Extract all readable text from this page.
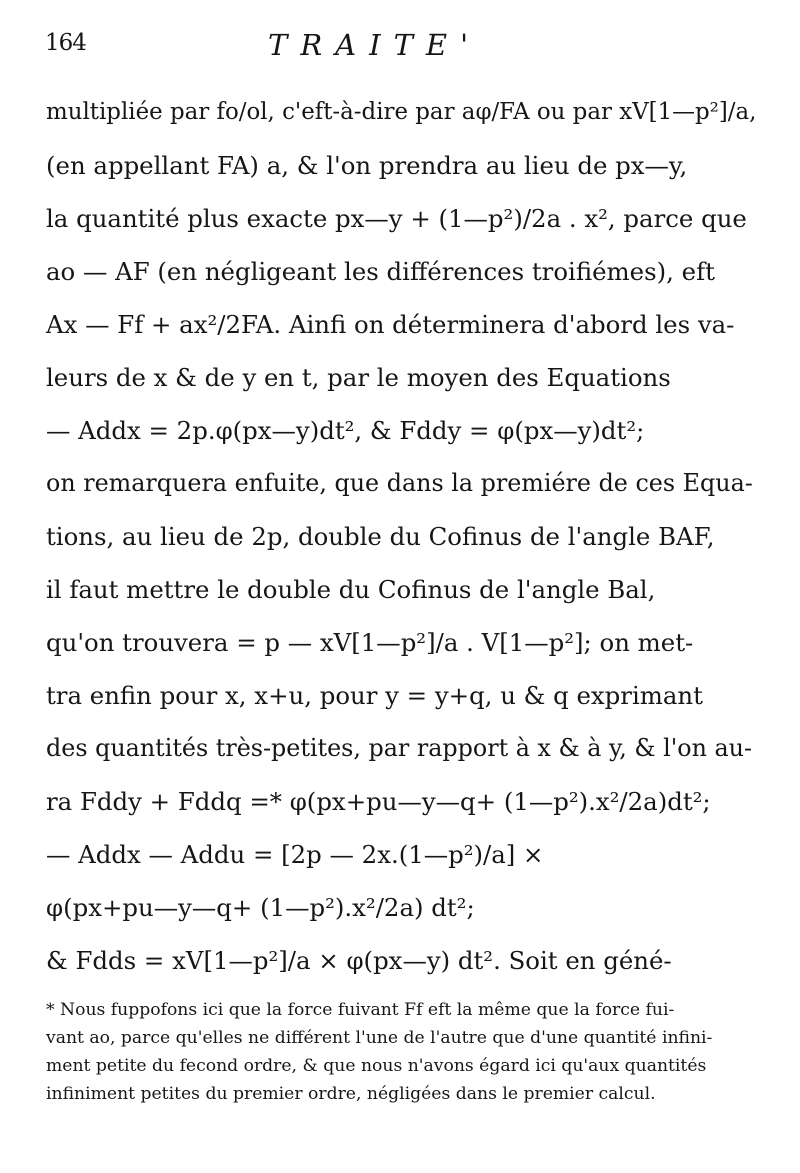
164	TRAITE'
multipliée par fo/ol, c'eft-à-dire par aφ/FA ou par xV[1—p²]/a,
(en appellant FA) a, & l'on prendra au lieu de px—y,
la quantité plus exacte px—y + (1—p²)/2a . x², parce que
ao — AF (en négligeant les différences troifiémes), eft
Ax — Ff + ax²/2FA. Ainfi on déterminera d'abord les va-
leurs de x & de y en t, par le moyen des Equations
— Addx = 2p.φ(px—y)dt², & Fddy = φ(px—y)dt²;
on remarquera enfuite, que dans la premiére de ces Equa-
tions, au lieu de 2p, double du Cofinus de l'angle BAF,
il faut mettre le double du Cofinus de l'angle Bal,
qu'on trouvera = p — xV[1—p²]/a . V[1—p²]; on met-
tra enfin pour x, x+u, pour y = y+q, u & q exprimant
des quantités très-petites, par rapport à x & à y, & l'on au-
ra Fddy + Fddq =* φ(px+pu—y—q+ (1—p²).x²/2a)dt²;
— Addx — Addu = [2p — 2x.(1—p²)/a] ×
φ(px+pu—y—q+ (1—p²).x²/2a) dt²;
& Fdds = xV[1—p²]/a × φ(px—y) dt². Soit en géné-
* Nous fuppofons ici que la force fuivant Ff eft la même que la force fui-
vant ao, parce qu'elles ne différent l'une de l'autre que d'une quantité infini-
ment petite du fecond ordre, & que nous n'avons égard ici qu'aux quantités
infiniment petites du premier ordre, négligées dans le premier calcul.
